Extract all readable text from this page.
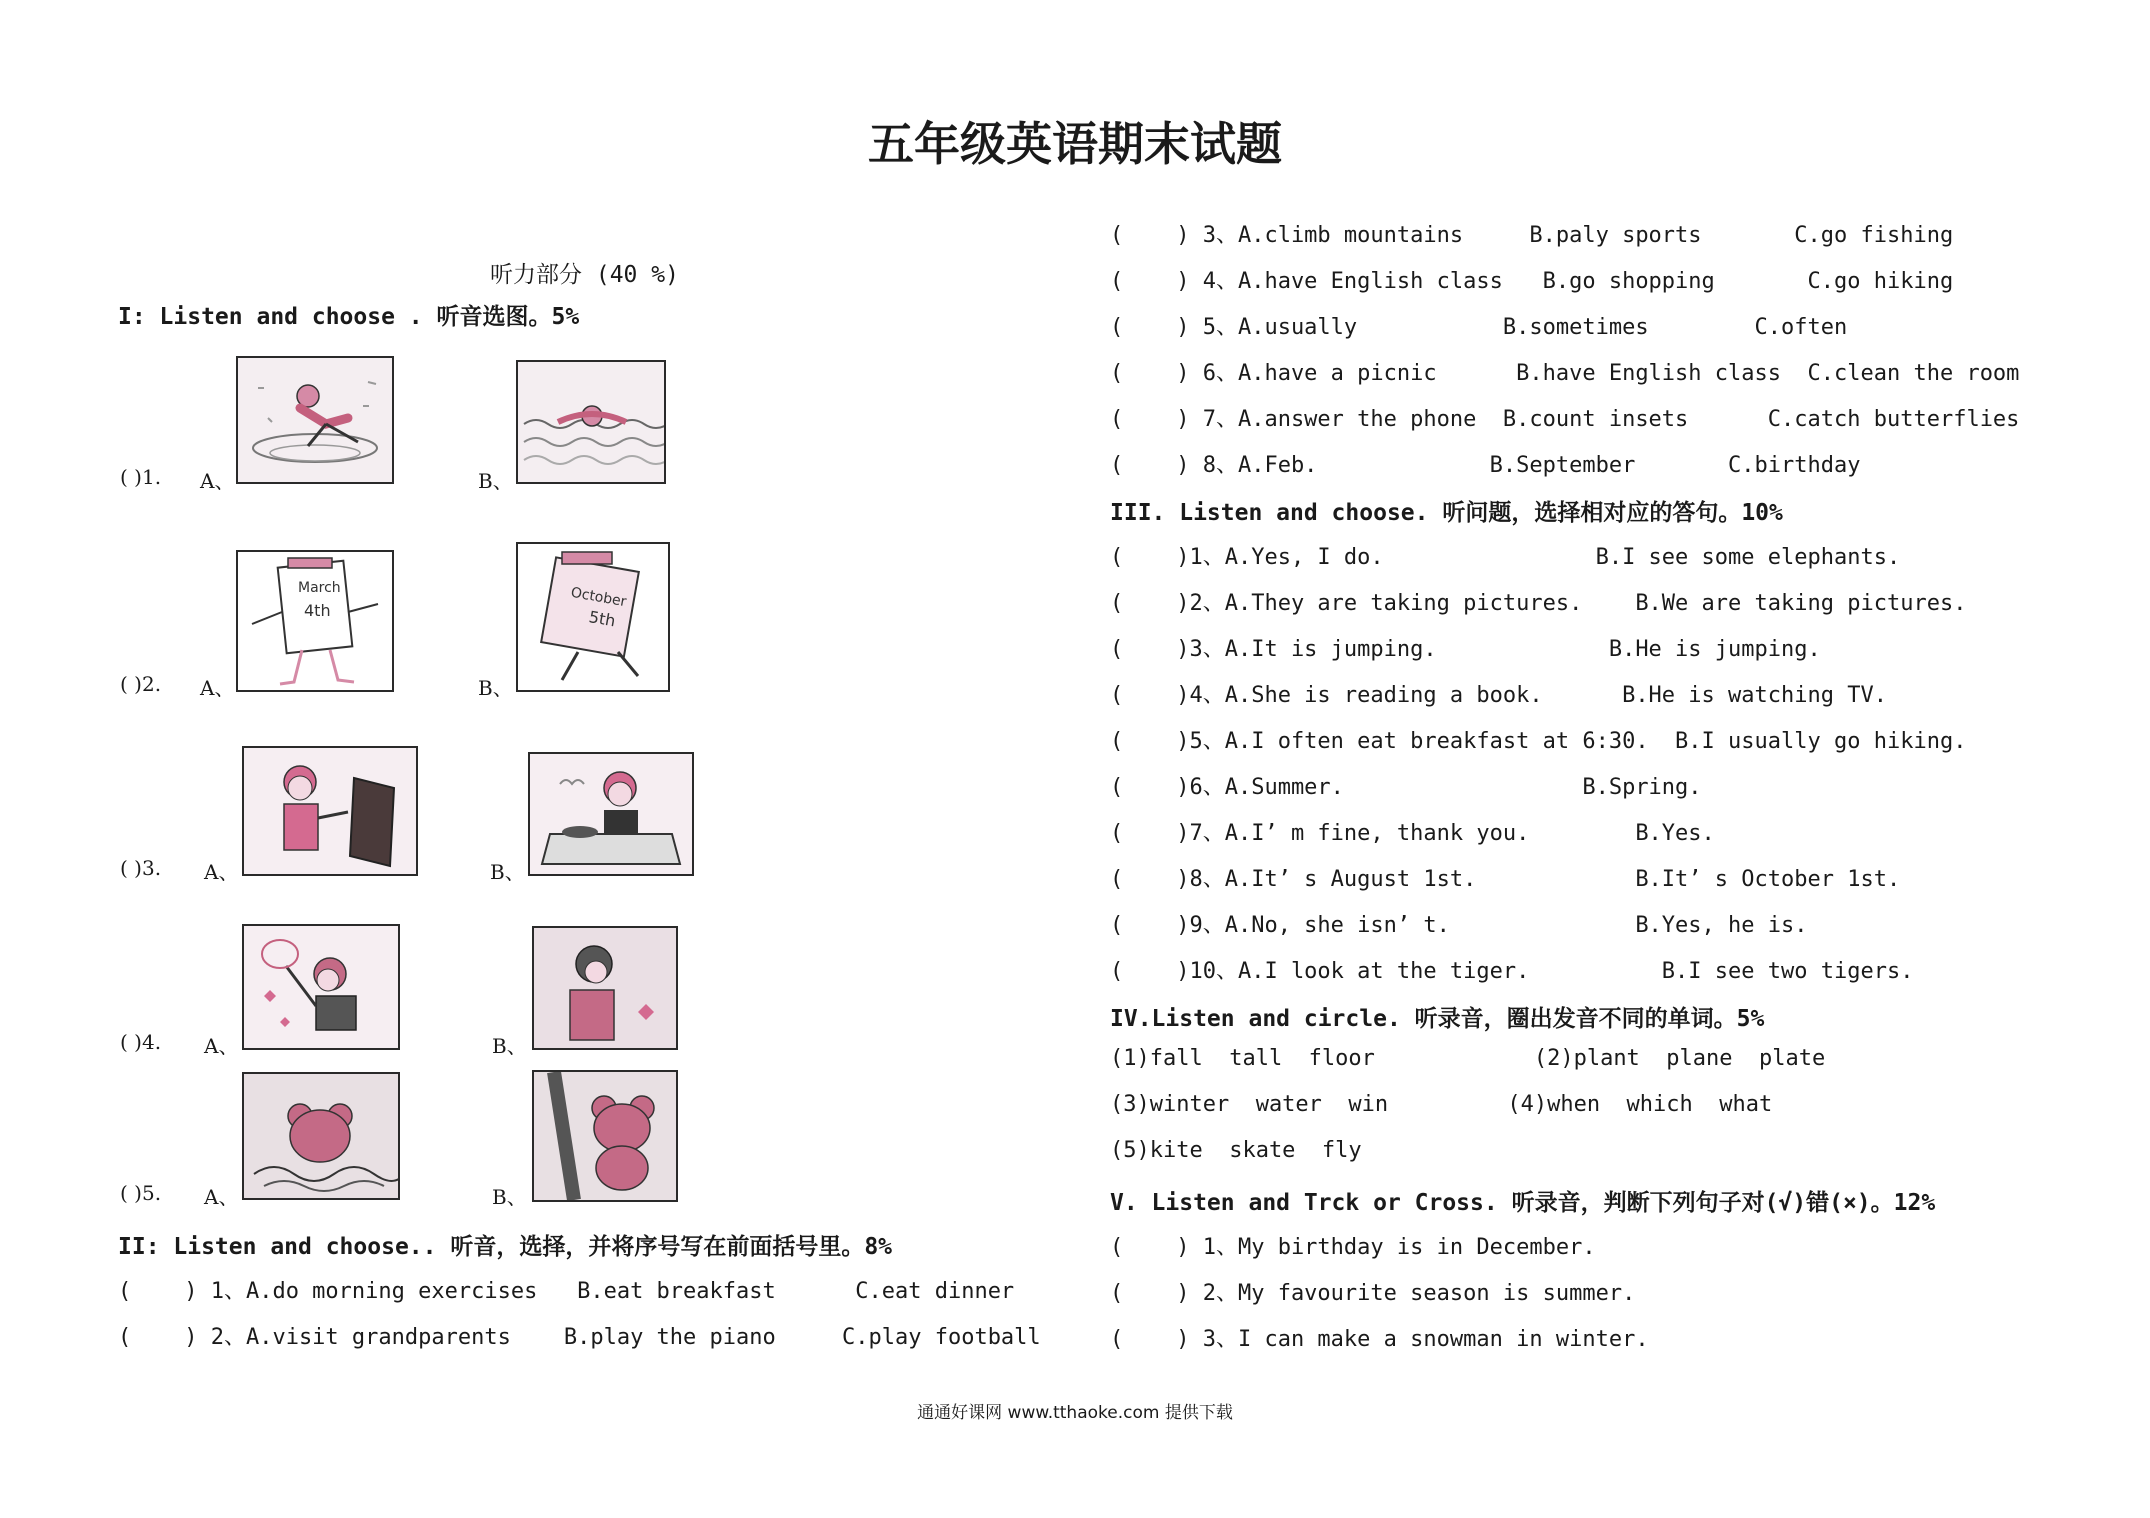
五年级英语期末试题
听力部分 (40 %)
I: Listen and choose . 听音选图。5%
( )1. A、	B、
( )2. A、
March
4th
B、
October
5th
( )3. A、	B、
( )4. A、	B、
( )5. A、	B、
II: Listen and choose.. 听音，选择，并将序号写在前面括号里。8%
(    ) 1、A.do morning exercises   B.eat breakfast      C.eat dinner
(    ) 2、A.visit grandparents    B.play the piano     C.play football
(    ) 3、A.climb mountains     B.paly sports       C.go fishing
(    ) 4、A.have English class   B.go shopping       C.go hiking
(    ) 5、A.usually           B.sometimes        C.often
(    ) 6、A.have a picnic      B.have English class  C.clean the room
(    ) 7、A.answer the phone  B.count insets      C.catch butterflies
(    ) 8、A.Feb.             B.September       C.birthday
III. Listen and choose. 听问题，选择相对应的答句。10%
(    )1、A.Yes, I do.                B.I see some elephants.
(    )2、A.They are taking pictures.    B.We are taking pictures.
(    )3、A.It is jumping.             B.He is jumping.
(    )4、A.She is reading a book.      B.He is watching TV.
(    )5、A.I often eat breakfast at 6:30.  B.I usually go hiking.
(    )6、A.Summer.                  B.Spring.
(    )7、A.I’ m fine, thank you.        B.Yes.
(    )8、A.It’ s August 1st.            B.It’ s October 1st.
(    )9、A.No, she isn’ t.              B.Yes, he is.
(    )10、A.I look at the tiger.          B.I see two tigers.
IV.Listen and circle. 听录音，圈出发音不同的单词。5%
(1)fall  tall  floor            (2)plant  plane  plate
(3)winter  water  win         (4)when  which  what
(5)kite  skate  fly
V. Listen and Trck or Cross. 听录音，判断下列句子对(√)错(×)。12%
(    ) 1、My birthday is in December.
(    ) 2、My favourite season is summer.
(    ) 3、I can make a snowman in winter.
通通好课网 www.tthaoke.com 提供下载
